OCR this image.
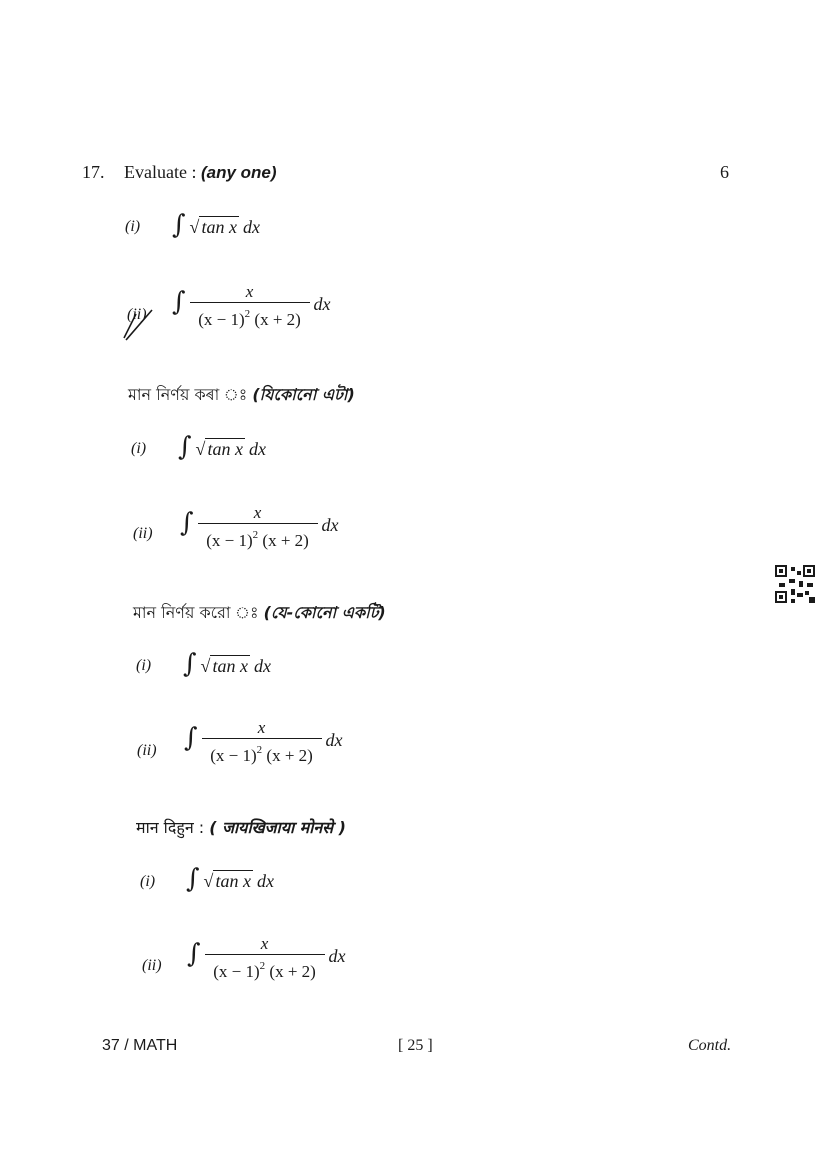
17. Evaluate : (any one)	6
(i) ∫ √ tan x dx
(ii) ∫ $\frac{x}{(x - 1)^2 (x + 2)}$ dx
মান নিৰ্ণয় কৰা ঃ (যিকোনো এটা)
(i) ∫ √ tan x dx
(ii) ∫ $\frac{x}{(x - 1)^2 (x + 2)}$ dx
মান নির্ণয় করো ঃ (যে-কোনো একটি)
(i) ∫ √ tan x dx
(ii) ∫ $\frac{x}{(x - 1)^2 (x + 2)}$ dx
मान दिहुन : ( जायखिजाया मोनसे )
(i) ∫ √ tan x dx
(ii) ∫ $\frac{x}{(x - 1)^2 (x + 2)}$ dx
37 / MATH	[ 25 ]	Contd.
